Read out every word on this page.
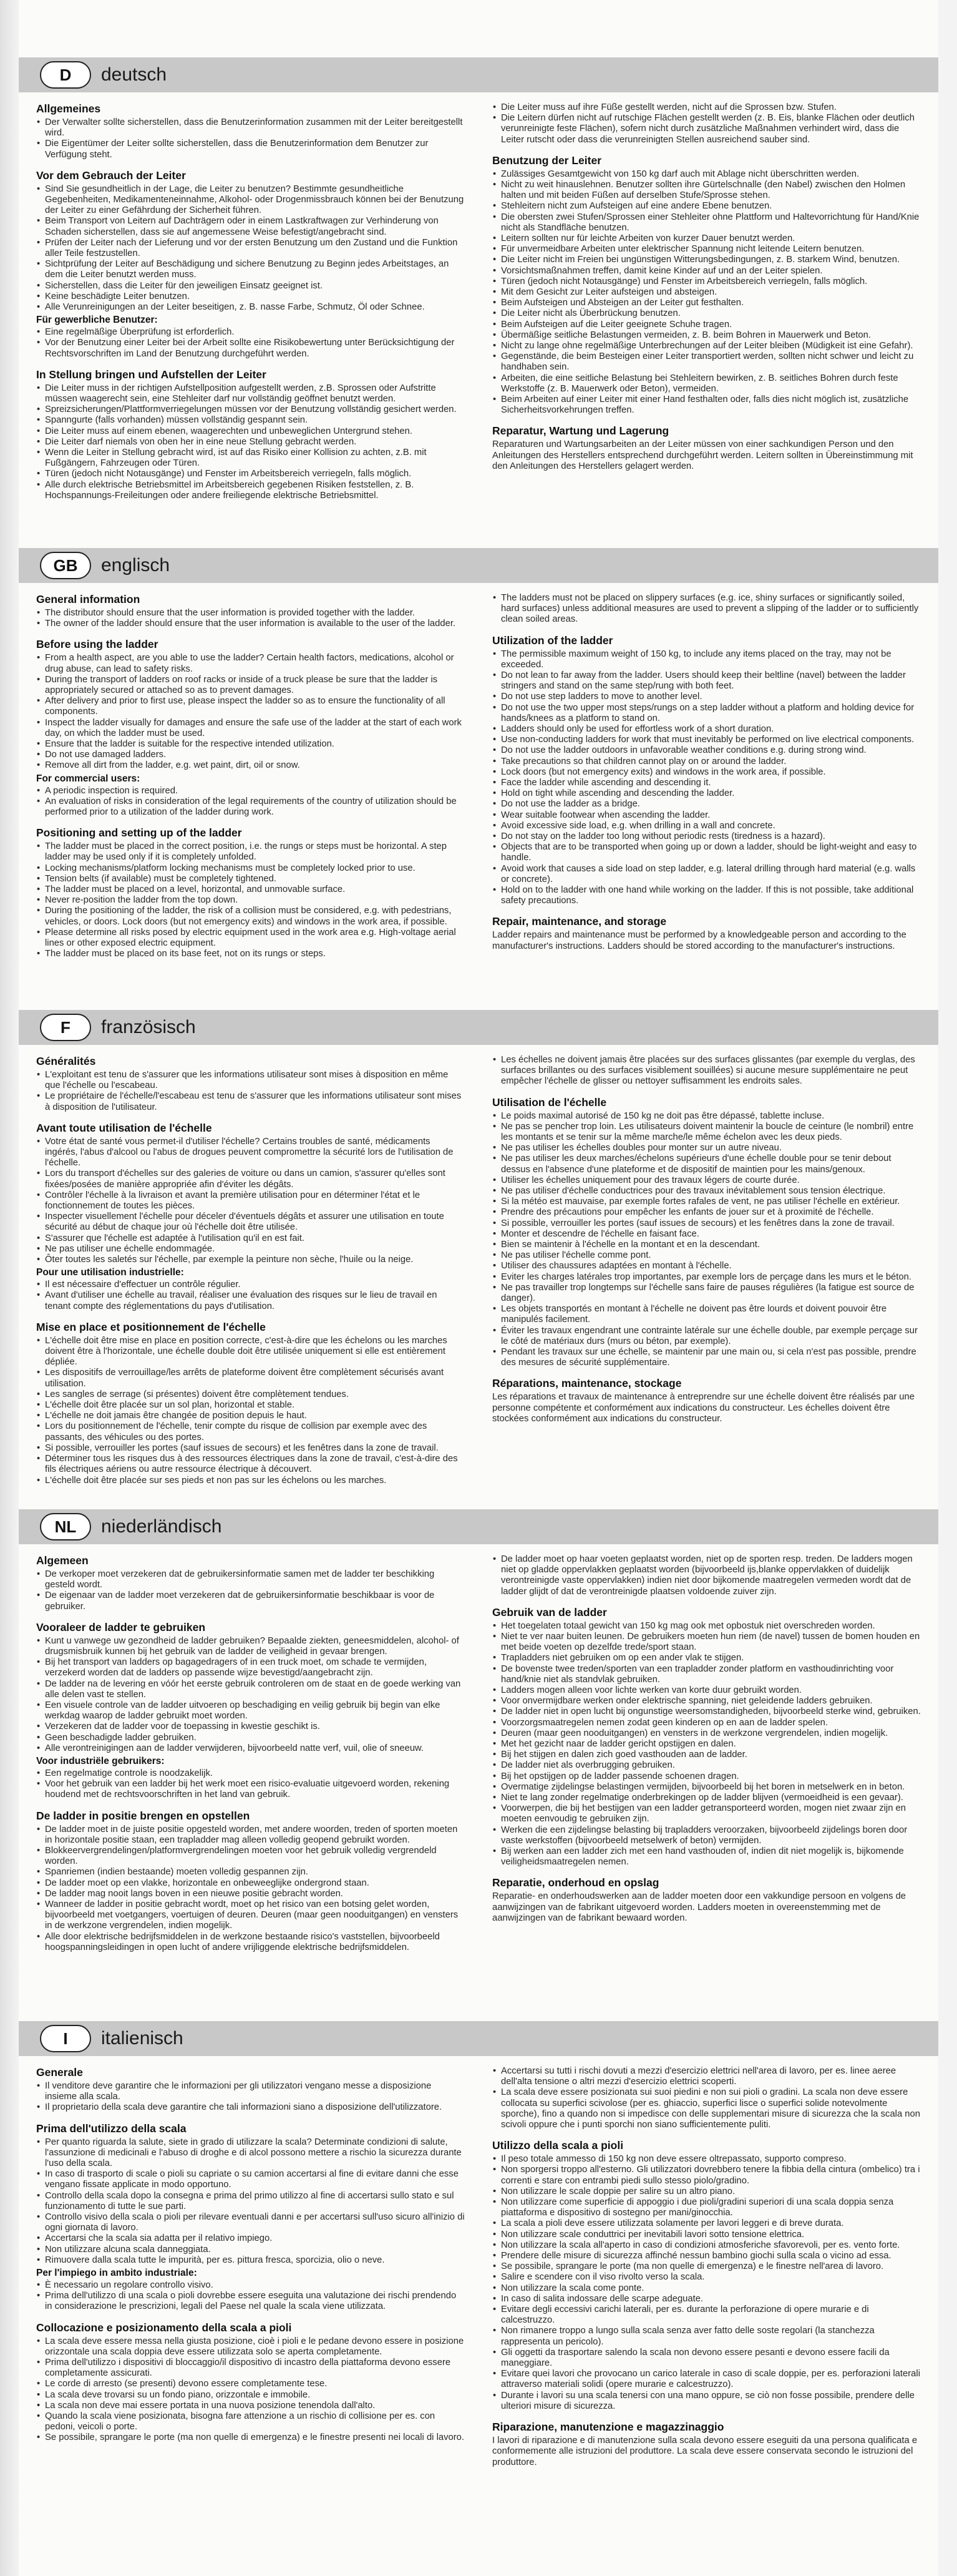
D	deutsch
Allgemeines
• Der Verwalter sollte sicherstellen, dass die Benutzerinformation zusammen mit der Leiter bereitgestellt wird.
• Die Eigentümer der Leiter sollte sicherstellen, dass die Benutzerinformation dem Benutzer zur Verfügung steht.
Vor dem Gebrauch der Leiter
• Sind Sie gesundheitlich in der Lage, die Leiter zu benutzen? Bestimmte gesundheitliche Gegebenheiten, Medikamenteneinnahme, Alkohol- oder Drogenmissbrauch können bei der Benutzung der Leiter zu einer Gefährdung der Sicherheit führen.
• Beim Transport von Leitern auf Dachträgern oder in einem Lastkraftwagen zur Verhinderung von Schaden sicherstellen, dass sie auf angemessene Weise befestigt/angebracht sind.
• Prüfen der Leiter nach der Lieferung und vor der ersten Benutzung um den Zustand und die Funktion aller Teile festzustellen.
• Sichtprüfung der Leiter auf Beschädigung und sichere Benutzung zu Beginn jedes Arbeitstages, an dem die Leiter benutzt werden muss.
• Sicherstellen, dass die Leiter für den jeweiligen Einsatz geeignet ist.
• Keine beschädigte Leiter benutzen.
• Alle Verunreinigungen an der Leiter beseitigen, z. B. nasse Farbe, Schmutz, Öl oder Schnee.
Für gewerbliche Benutzer:
• Eine regelmäßige Überprüfung ist erforderlich.
• Vor der Benutzung einer Leiter bei der Arbeit sollte eine Risikobewertung unter Berücksichtigung der Rechtsvorschriften im Land der Benutzung durchgeführt werden.
In Stellung bringen und Aufstellen der Leiter
• Die Leiter muss in der richtigen Aufstellposition aufgestellt werden, z.B. Sprossen oder Aufstritte müssen waagerecht sein, eine Stehleiter darf nur vollständig geöffnet benutzt werden.
• Spreizsicherungen/Plattformverriegelungen müssen vor der Benutzung vollständig gesichert werden.
• Spanngurte (falls vorhanden) müssen vollständig gespannt sein.
• Die Leiter muss auf einem ebenen, waagerechten und unbeweglichen Untergrund stehen.
• Die Leiter darf niemals von oben her in eine neue Stellung gebracht werden.
• Wenn die Leiter in Stellung gebracht wird, ist auf das Risiko einer Kollision zu achten, z.B. mit Fußgängern, Fahrzeugen oder Türen.
• Türen (jedoch nicht Notausgänge) und Fenster im Arbeitsbereich verriegeln, falls möglich.
• Alle durch elektrische Betriebsmittel im Arbeitsbereich gegebenen Risiken feststellen, z. B. Hochspannungs-Freileitungen oder andere freiliegende elektrische Betriebsmittel.
• Die Leiter muss auf ihre Füße gestellt werden, nicht auf die Sprossen bzw. Stufen.
• Die Leitern dürfen nicht auf rutschige Flächen gestellt werden (z. B. Eis, blanke Flächen oder deutlich verunreinigte feste Flächen), sofern nicht durch zusätzliche Maßnahmen verhindert wird, dass die Leiter rutscht oder dass die verunreinigten Stellen ausreichend sauber sind.
Benutzung der Leiter
• Zulässiges Gesamtgewicht von 150 kg darf auch mit Ablage nicht überschritten werden.
• Nicht zu weit hinauslehnen. Benutzer sollten ihre Gürtelschnalle (den Nabel) zwischen den Holmen halten und mit beiden Füßen auf derselben Stufe/Sprosse stehen.
• Stehleitern nicht zum Aufsteigen auf eine andere Ebene benutzen.
• Die obersten zwei Stufen/Sprossen einer Stehleiter ohne Plattform und Haltevorrichtung für Hand/Knie nicht als Standfläche benutzen.
• Leitern sollten nur für leichte Arbeiten von kurzer Dauer benutzt werden.
• Für unvermeidbare Arbeiten unter elektrischer Spannung nicht leitende Leitern benutzen.
• Die Leiter nicht im Freien bei ungünstigen Witterungsbedingungen, z. B. starkem Wind, benutzen.
• Vorsichtsmaßnahmen treffen, damit keine Kinder auf und an der Leiter spielen.
• Türen (jedoch nicht Notausgänge) und Fenster im Arbeitsbereich verriegeln, falls möglich.
• Mit dem Gesicht zur Leiter aufsteigen und absteigen.
• Beim Aufsteigen und Absteigen an der Leiter gut festhalten.
• Die Leiter nicht als Überbrückung benutzen.
• Beim Aufsteigen auf die Leiter geeignete Schuhe tragen.
• Übermäßige seitliche Belastungen vermeiden, z. B. beim Bohren in Mauerwerk und Beton.
• Nicht zu lange ohne regelmäßige Unterbrechungen auf der Leiter bleiben (Müdigkeit ist eine Gefahr).
• Gegenstände, die beim Besteigen einer Leiter transportiert werden, sollten nicht schwer und leicht zu handhaben sein.
• Arbeiten, die eine seitliche Belastung bei Stehleitern bewirken, z. B. seitliches Bohren durch feste Werkstoffe (z. B. Mauerwerk oder Beton), vermeiden.
• Beim Arbeiten auf einer Leiter mit einer Hand festhalten oder, falls dies nicht möglich ist, zusätzliche Sicherheitsvorkehrungen treffen.
Reparatur, Wartung und Lagerung

Reparaturen und Wartungsarbeiten an der Leiter müssen von einer sachkundigen Person und den Anleitungen des Herstellers entsprechend durchgeführt werden. Leitern sollten in Übereinstimmung mit den Anleitungen des Herstellers gelagert werden.

GB	englisch
General information
• The distributor should ensure that the user information is provided together with the ladder.
• The owner of the ladder should ensure that the user information is available to the user of the ladder.
Before using the ladder
• From a health aspect, are you able to use the ladder? Certain health factors, medications, alcohol or drug abuse, can lead to safety risks.
• During the transport of ladders on roof racks or inside of a truck please be sure that the ladder is appropriately secured or attached so as to prevent damages.
• After delivery and prior to first use, please inspect the ladder so as to ensure the functionality of all components.
• Inspect the ladder visually for damages and ensure the safe use of the ladder at the start of each work day, on which the ladder must be used.
• Ensure that the ladder is suitable for the respective intended utilization.
• Do not use damaged ladders.
• Remove all dirt from the ladder, e.g. wet paint, dirt, oil or snow.
For commercial users:
• A periodic inspection is required.
• An evaluation of risks in consideration of the legal requirements of the country of utilization should be performed prior to a utilization of the ladder during work.
Positioning and setting up of the ladder
• The ladder must be placed in the correct position, i.e. the rungs or steps must be horizontal. A step ladder may be used only if it is completely unfolded.
• Locking mechanisms/platform locking mechanisms must be completely locked prior to use.
• Tension belts (if available) must be completely tightened.
• The ladder must be placed on a level, horizontal, and unmovable surface.
• Never re-position the ladder from the top down.
• During the positioning of the ladder, the risk of a collision must be considered, e.g. with pedestrians, vehicles, or doors. Lock doors (but not emergency exits) and windows in the work area, if possible.
• Please determine all risks posed by electric equipment used in the work area e.g. High-voltage aerial lines or other exposed electric equipment.
• The ladder must be placed on its base feet, not on its rungs or steps.
• The ladders must not be placed on slippery surfaces (e.g. ice, shiny surfaces or significantly soiled, hard surfaces) unless additional measures are used to prevent a slipping of the ladder or to sufficiently clean soiled areas.
Utilization of the ladder
• The permissible maximum weight of 150 kg, to include any items placed on the tray, may not be exceeded.
• Do not lean to far away from the ladder. Users should keep their beltline (navel) between the ladder stringers and stand on the same step/rung with both feet.
• Do not use step ladders to move to another level.
• Do not use the two upper most steps/rungs on a step ladder without a platform and holding device for hands/knees as a platform to stand on.
• Ladders should only be used for effortless work of a short duration.
• Use non-conducting ladders for work that must inevitably be performed on live electrical components.
• Do not use the ladder outdoors in unfavorable weather conditions e.g. during strong wind.
• Take precautions so that children cannot play on or around the ladder.
• Lock doors (but not emergency exits) and windows in the work area, if possible.
• Face the ladder while ascending and descending it.
• Hold on tight while ascending and descending the ladder.
• Do not use the ladder as a bridge.
• Wear suitable footwear when ascending the ladder.
• Avoid excessive side load, e.g. when drilling in a wall and concrete.
• Do not stay on the ladder too long without periodic rests (tiredness is a hazard).
• Objects that are to be transported when going up or down a ladder, should be light-weight and easy to handle.
• Avoid work that causes a side load on step ladder, e.g. lateral drilling through hard material (e.g. walls or concrete).
• Hold on to the ladder with one hand while working on the ladder. If this is not possible, take additional safety precautions.
Repair, maintenance, and storage

Ladder repairs and maintenance must be performed by a knowledgeable person and according to the manufacturer's instructions. Ladders should be stored according to the manufacturer's instructions.

F	französisch
Généralités
• L'exploitant est tenu de s'assurer que les informations utilisateur sont mises à disposition en même que l'échelle ou l'escabeau.
• Le propriétaire de l'échelle/l'escabeau est tenu de s'assurer que les informations utilisateur sont mises à disposition de l'utilisateur.
Avant toute utilisation de l'échelle
• Votre état de santé vous permet-il d'utiliser l'échelle? Certains troubles de santé, médicaments ingérés, l'abus d'alcool ou l'abus de drogues peuvent compromettre la sécurité lors de l'utilisation de l'échelle.
• Lors du transport d'échelles sur des galeries de voiture ou dans un camion, s'assurer qu'elles sont fixées/posées de manière appropriée afin d'éviter les dégâts.
• Contrôler l'échelle à la livraison et avant la première utilisation pour en déterminer l'état et le fonctionnement de toutes les pièces.
• Inspecter visuellement l'échelle pour déceler d'éventuels dégâts et assurer une utilisation en toute sécurité au début de chaque jour où l'échelle doit être utilisée.
• S'assurer que l'échelle est adaptée à l'utilisation qu'il en est fait.
• Ne pas utiliser une échelle endommagée.
• Ôter toutes les saletés sur l'échelle, par exemple la peinture non sèche, l'huile ou la neige.
Pour une utilisation industrielle:
• Il est nécessaire d'effectuer un contrôle régulier.
• Avant d'utiliser une échelle au travail, réaliser une évaluation des risques sur le lieu de travail en tenant compte des réglementations du pays d'utilisation.
Mise en place et positionnement de l'échelle
• L'échelle doit être mise en place en position correcte, c'est-à-dire que les échelons ou les marches doivent être à l'horizontale, une échelle double doit être utilisée uniquement si elle est entièrement dépliée.
• Les dispositifs de verrouillage/les arrêts de plateforme doivent être complètement sécurisés avant utilisation.
• Les sangles de serrage (si présentes) doivent être complètement tendues.
• L'échelle doit être placée sur un sol plan, horizontal et stable.
• L'échelle ne doit jamais être changée de position depuis le haut.
• Lors du positionnement de l'échelle, tenir compte du risque de collision par exemple avec des passants, des véhicules ou des portes.
• Si possible, verrouiller les portes (sauf issues de secours) et les fenêtres dans la zone de travail.
• Déterminer tous les risques dus à des ressources électriques dans la zone de travail, c'est-à-dire des fils électriques aériens ou autre ressource électrique à découvert.
• L'échelle doit être placée sur ses pieds et non pas sur les échelons ou les marches.
• Les échelles ne doivent jamais être placées sur des surfaces glissantes (par exemple du verglas, des surfaces brillantes ou des surfaces visiblement souillées) si aucune mesure supplémentaire ne peut empêcher l'échelle de glisser ou nettoyer suffisamment les endroits sales.
Utilisation de l'échelle
• Le poids maximal autorisé de 150 kg ne doit pas être dépassé, tablette incluse.
• Ne pas se pencher trop loin. Les utilisateurs doivent maintenir la boucle de ceinture (le nombril) entre les montants et se tenir sur la même marche/le même échelon avec les deux pieds.
• Ne pas utiliser les échelles doubles pour monter sur un autre niveau.
• Ne pas utiliser les deux marches/échelons supérieurs d'une échelle double pour se tenir debout dessus en l'absence d'une plateforme et de dispositif de maintien pour les mains/genoux.
• Utiliser les échelles uniquement pour des travaux légers de courte durée.
• Ne pas utiliser d'échelle conductrices pour des travaux inévitablement sous tension électrique.
• Si la météo est mauvaise, par exemple fortes rafales de vent, ne pas utiliser l'échelle en extérieur.
• Prendre des précautions pour empêcher les enfants de jouer sur et à proximité de l'échelle.
• Si possible, verrouiller les portes (sauf issues de secours) et les fenêtres dans la zone de travail.
• Monter et descendre de l'échelle en faisant face.
• Bien se maintenir à l'échelle en la montant et en la descendant.
• Ne pas utiliser l'échelle comme pont.
• Utiliser des chaussures adaptées en montant à l'échelle.
• Eviter les charges latérales trop importantes, par exemple lors de perçage dans les murs et le béton.
• Ne pas travailler trop longtemps sur l'échelle sans faire de pauses régulières (la fatigue est source de danger).
• Les objets transportés en montant à l'échelle ne doivent pas être lourds et doivent pouvoir être manipulés facilement.
• Éviter les travaux engendrant une contrainte latérale sur une échelle double, par exemple perçage sur le côté de matériaux durs (murs ou béton, par exemple).
• Pendant les travaux sur une échelle, se maintenir par une main ou, si cela n'est pas possible, prendre des mesures de sécurité supplémentaire.
Réparations, maintenance, stockage

Les réparations et travaux de maintenance à entreprendre sur une échelle doivent être réalisés par une personne compétente et conformément aux indications du constructeur. Les échelles doivent être stockées conformément aux indications du constructeur.

NL	niederländisch
Algemeen
• De verkoper moet verzekeren dat de gebruikersinformatie samen met de ladder ter beschikking gesteld wordt.
• De eigenaar van de ladder moet verzekeren dat de gebruikersinformatie beschikbaar is voor de gebruiker.
Vooraleer de ladder te gebruiken
• Kunt u vanwege uw gezondheid de ladder gebruiken? Bepaalde ziekten, geneesmiddelen, alcohol- of drugsmisbruik kunnen bij het gebruik van de ladder de veiligheid in gevaar brengen.
• Bij het transport van ladders op bagagedragers of in een truck moet, om schade te vermijden, verzekerd worden dat de ladders op passende wijze bevestigd/aangebracht zijn.
• De ladder na de levering en vóór het eerste gebruik controleren om de staat en de goede werking van alle delen vast te stellen.
• Een visuele controle van de ladder uitvoeren op beschadiging en veilig gebruik bij begin van elke werkdag waarop de ladder gebruikt moet worden.
• Verzekeren dat de ladder voor de toepassing in kwestie geschikt is.
• Geen beschadigde ladder gebruiken.
• Alle verontreinigingen aan de ladder verwijderen, bijvoorbeeld natte verf, vuil, olie of sneeuw.
Voor industriële gebruikers:
• Een regelmatige controle is noodzakelijk.
• Voor het gebruik van een ladder bij het werk moet een risico-evaluatie uitgevoerd worden, rekening houdend met de rechtsvoorschriften in het land van gebruik.
De ladder in positie brengen en opstellen
• De ladder moet in de juiste positie opgesteld worden, met andere woorden, treden of sporten moeten in horizontale positie staan, een trapladder mag alleen volledig geopend gebruikt worden.
• Blokkeervergrendelingen/platformvergrendelingen moeten voor het gebruik volledig vergrendeld worden.
• Spanriemen (indien bestaande) moeten volledig gespannen zijn.
• De ladder moet op een vlakke, horizontale en onbeweeglijke ondergrond staan.
• De ladder mag nooit langs boven in een nieuwe positie gebracht worden.
• Wanneer de ladder in positie gebracht wordt, moet op het risico van een botsing gelet worden, bijvoorbeeld met voetgangers, voertuigen of deuren. Deuren (maar geen nooduitgangen) en vensters in de werkzone vergrendelen, indien mogelijk.
• Alle door elektrische bedrijfsmiddelen in de werkzone bestaande risico's vaststellen, bijvoorbeeld hoogspanningsleidingen in open lucht of andere vrijliggende elektrische bedrijfsmiddelen.
• De ladder moet op haar voeten geplaatst worden, niet op de sporten resp. treden. De ladders mogen niet op gladde oppervlakken geplaatst worden (bijvoorbeeld ijs,blanke oppervlakken of duidelijk verontreinigde vaste oppervlakken) indien niet door bijkomende maatregelen vermeden wordt dat de ladder glijdt of dat de verontreinigde plaatsen voldoende zuiver zijn.
Gebruik van de ladder
• Het toegelaten totaal gewicht van 150 kg mag ook met opbostuk niet overschreden worden.
• Niet te ver naar buiten leunen. De gebruikers moeten hun riem (de navel) tussen de bomen houden en met beide voeten op dezelfde trede/sport staan.
• Trapladders niet gebruiken om op een ander vlak te stijgen.
• De bovenste twee treden/sporten van een trapladder zonder platform en vasthoudinrichting voor hand/knie niet als standvlak gebruiken.
• Ladders mogen alleen voor lichte werken van korte duur gebruikt worden.
• Voor onvermijdbare werken onder elektrische spanning, niet geleidende ladders gebruiken.
• De ladder niet in open lucht bij ongunstige weersomstandigheden, bijvoorbeeld sterke wind, gebruiken.
• Voorzorgsmaatregelen nemen zodat geen kinderen op en aan de ladder spelen.
• Deuren (maar geen nooduitgangen) en vensters in de werkzone vergrendelen, indien mogelijk.
• Met het gezicht naar de ladder gericht opstijgen en dalen.
• Bij het stijgen en dalen zich goed vasthouden aan de ladder.
• De ladder niet als overbrugging gebruiken.
• Bij het opstijgen op de ladder passende schoenen dragen.
• Overmatige zijdelingse belastingen vermijden, bijvoorbeeld bij het boren in metselwerk en in beton.
• Niet te lang zonder regelmatige onderbrekingen op de ladder blijven (vermoeidheid is een gevaar).
• Voorwerpen, die bij het bestijgen van een ladder getransporteerd worden, mogen niet zwaar zijn en moeten eenvoudig te gebruiken zijn.
• Werken die een zijdelingse belasting bij trapladders veroorzaken, bijvoorbeeld zijdelings boren door vaste werkstoffen (bijvoorbeeld metselwerk of beton) vermijden.
• Bij werken aan een ladder zich met een hand vasthouden of, indien dit niet mogelijk is, bijkomende veiligheidsmaatregelen nemen.
Reparatie, onderhoud en opslag

Reparatie- en onderhoudswerken aan de ladder moeten door een vakkundige persoon en volgens de aanwijzingen van de fabrikant uitgevoerd worden. Ladders moeten in overeenstemming met de aanwijzingen van de fabrikant bewaard worden.

I	italienisch
Generale
• Il venditore deve garantire che le informazioni per gli utilizzatori vengano messe a disposizione insieme alla scala.
• Il proprietario della scala deve garantire che tali informazioni siano a disposizione dell'utilizzatore.
Prima dell'utilizzo della scala
• Per quanto riguarda la salute, siete in grado di utilizzare la scala? Determinate condizioni di salute, l'assunzione di medicinali e l'abuso di droghe e di alcol possono mettere a rischio la sicurezza durante l'uso della scala.
• In caso di trasporto di scale o pioli su capriate o su camion accertarsi al fine di evitare danni che esse vengano fissate applicate in modo opportuno.
• Controllo della scala dopo la consegna e prima del primo utilizzo al fine di accertarsi sullo stato e sul funzionamento di tutte le sue parti.
• Controllo visivo della scala o pioli per rilevare eventuali danni e per accertarsi sull'uso sicuro all'inizio di ogni giornata di lavoro.
• Accertarsi che la scala sia adatta per il relativo impiego.
• Non utilizzare alcuna scala danneggiata.
• Rimuovere dalla scala tutte le impurità, per es. pittura fresca, sporcizia, olio o neve.
Per l'impiego in ambito industriale:
• È necessario un regolare controllo visivo.
• Prima dell'utilizzo di una scala o pioli dovrebbe essere eseguita una valutazione dei rischi prendendo in considerazione le prescrizioni, legali del Paese nel quale la scala viene utilizzata.
Collocazione e posizionamento della scala a pioli
• La scala deve essere messa nella giusta posizione, cioè i pioli e le pedane devono essere in posizione orizzontale una scala doppia deve essere utilizzata solo se aperta completamente.
• Prima dell'utilizzo i dispositivi di bloccaggio/il dispositivo di incastro della piattaforma devono essere completamente assicurati.
• Le corde di arresto (se presenti) devono essere completamente tese.
• La scala deve trovarsi su un fondo piano, orizzontale e immobile.
• La scala non deve mai essere portata in una nuova posizione tenendola dall'alto.
• Quando la scala viene posizionata, bisogna fare attenzione a un rischio di collisione per es. con pedoni, veicoli o porte.
• Se possibile, sprangare le porte (ma non quelle di emergenza) e le finestre presenti nei locali di lavoro.
• Accertarsi su tutti i rischi dovuti a mezzi d'esercizio elettrici nell'area di lavoro, per es. linee aeree dell'alta tensione o altri mezzi d'esercizio elettrici scoperti.
• La scala deve essere posizionata sui suoi piedini e non sui pioli o gradini. La scala non deve essere collocata su superfici scivolose (per es. ghiaccio, superfici lisce o superfici solide notevolmente sporche), fino a quando non si impedisce con delle supplementari misure di sicurezza che la scala non scivoli oppure che i punti sporchi non siano sufficientemente puliti.
Utilizzo della scala a pioli
• Il peso totale ammesso di 150 kg non deve essere oltrepassato, supporto compreso.
• Non sporgersi troppo all'esterno. Gli utilizzatori dovrebbero tenere la fibbia della cintura (ombelico) tra i correnti e stare con entrambi piedi sullo stesso piolo/gradino.
• Non utilizzare le scale doppie per salire su un altro piano.
• Non utilizzare come superficie di appoggio i due pioli/gradini superiori di una scala doppia senza piattaforma e dispositivo di sostegno per mani/ginocchia.
• La scala a pioli deve essere utilizzata solamente per lavori leggeri e di breve durata.
• Non utilizzare scale conduttrici per inevitabili lavori sotto tensione elettrica.
• Non utilizzare la scala all'aperto in caso di condizioni atmosferiche sfavorevoli, per es. vento forte.
• Prendere delle misure di sicurezza affinché nessun bambino giochi sulla scala o vicino ad essa.
• Se possibile, sprangare le porte (ma non quelle di emergenza) e le finestre nell'area di lavoro.
• Salire e scendere con il viso rivolto verso la scala.
• Non utilizzare la scala come ponte.
• In caso di salita indossare delle scarpe adeguate.
• Evitare degli eccessivi carichi laterali, per es. durante la perforazione di opere murarie e di calcestruzzo.
• Non rimanere troppo a lungo sulla scala senza aver fatto delle soste regolari (la stanchezza rappresenta un pericolo).
• Gli oggetti da trasportare salendo la scala non devono essere pesanti e devono essere facili da maneggiare.
• Evitare quei lavori che provocano un carico laterale in caso di scale doppie, per es. perforazioni laterali attraverso materiali solidi (opere murarie e calcestruzzo).
• Durante i lavori su una scala tenersi con una mano oppure, se ciò non fosse possibile, prendere delle ulteriori misure di sicurezza.
Riparazione, manutenzione e magazzinaggio

I lavori di riparazione e di manutenzione sulla scala devono essere eseguiti da una persona qualificata e conformemente alle istruzioni del produttore. La scala deve essere conservata secondo le istruzioni del produttore.
